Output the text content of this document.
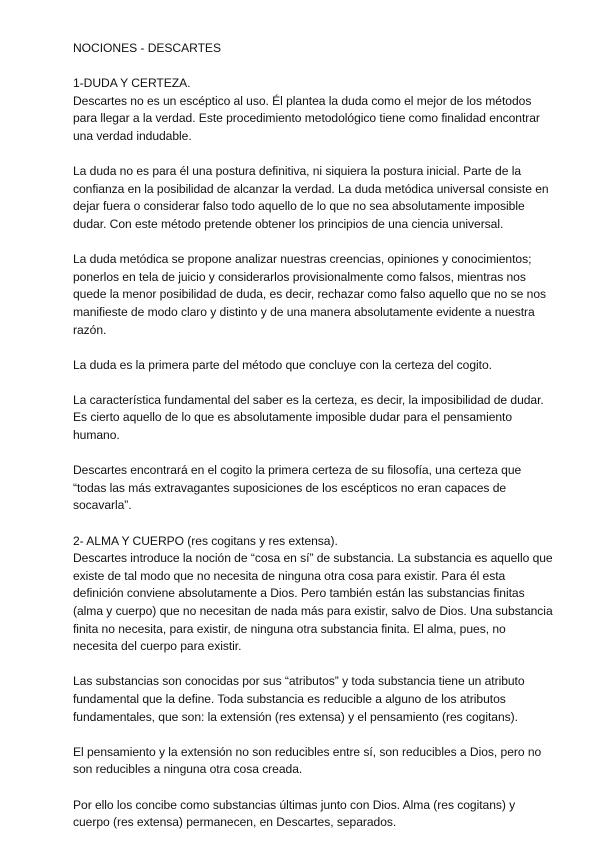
NOCIONES - DESCARTES
1-DUDA Y CERTEZA.

Descartes no es un escéptico al uso. Él plantea la duda como el mejor de los métodos para llegar a la verdad. Este procedimiento metodológico tiene como finalidad encontrar una verdad indudable.

La duda no es para él una postura definitiva, ni siquiera la postura inicial. Parte de la confianza en la posibilidad de alcanzar la verdad. La duda metódica universal consiste en dejar fuera o considerar falso todo aquello de lo que no sea absolutamente imposible dudar. Con este método pretende obtener los principios de una ciencia universal.

La duda metódica se propone analizar nuestras creencias, opiniones y conocimientos; ponerlos en tela de juicio y considerarlos provisionalmente como falsos, mientras nos quede la menor posibilidad de duda, es decir, rechazar como falso aquello que no se nos manifieste de modo claro y distinto y de una manera absolutamente evidente a nuestra razón.

La duda es la primera parte del método que concluye con la certeza del cogito.

La característica fundamental del saber es la certeza, es decir, la imposibilidad de dudar. Es cierto aquello de lo que es absolutamente imposible dudar para el pensamiento humano.

Descartes encontrará en el cogito la primera certeza de su filosofía, una certeza que “todas las más extravagantes suposiciones de los escépticos no eran capaces de socavarla”.

2- ALMA Y CUERPO (res cogitans y res extensa).

Descartes introduce la noción de “cosa en sí” de substancia. La substancia es aquello que existe de tal modo que no necesita de ninguna otra cosa para existir. Para él esta definición conviene absolutamente a Dios. Pero también están las substancias finitas (alma y cuerpo) que no necesitan de nada más para existir, salvo de Dios. Una substancia finita no necesita, para existir, de ninguna otra substancia finita. El alma, pues, no necesita del cuerpo para existir.

Las substancias son conocidas por sus “atributos” y toda substancia tiene un atributo fundamental que la define. Toda substancia es reducible a alguno de los atributos fundamentales, que son: la extensión (res extensa) y el pensamiento (res cogitans).

El pensamiento y la extensión no son reducibles entre sí, son reducibles a Dios, pero no son reducibles a ninguna otra cosa creada.

Por ello los concibe como substancias últimas junto con Dios. Alma (res cogitans) y cuerpo (res extensa) permanecen, en Descartes, separados.
